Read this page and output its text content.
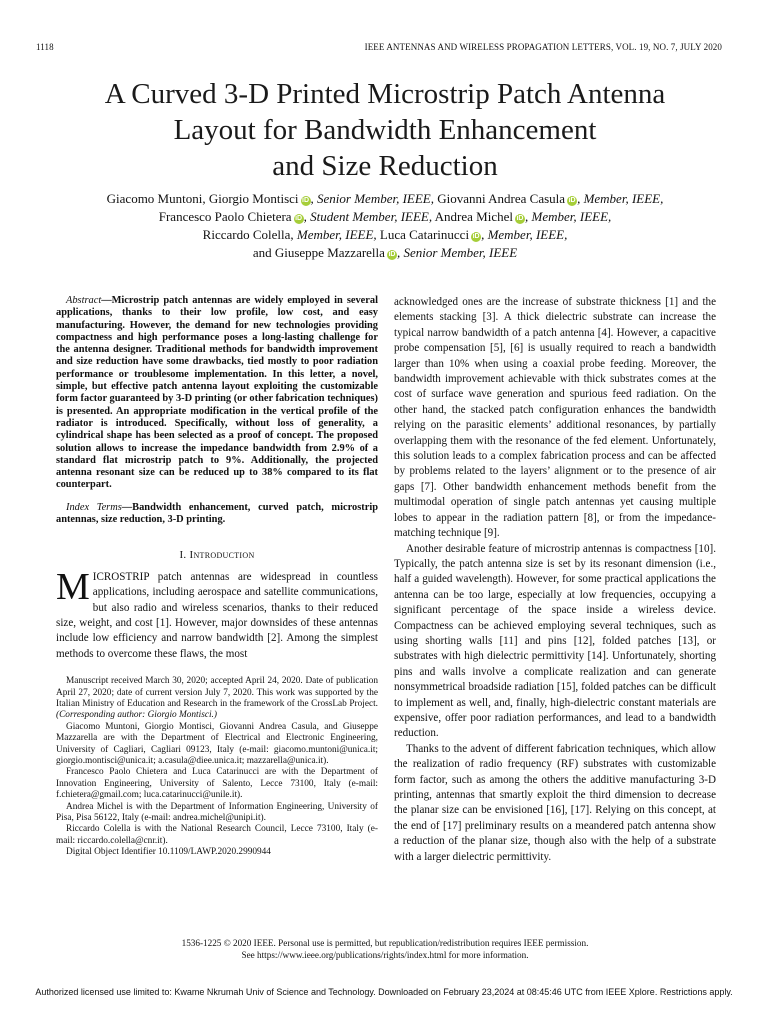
1118	IEEE ANTENNAS AND WIRELESS PROPAGATION LETTERS, VOL. 19, NO. 7, JULY 2020
A Curved 3-D Printed Microstrip Patch Antenna
Layout for Bandwidth Enhancement
and Size Reduction
Giacomo Muntoni, Giorgio Montisci iD , Senior Member, IEEE, Giovanni Andrea Casula iD , Member, IEEE,
Francesco Paolo Chietera iD , Student Member, IEEE, Andrea Michel iD , Member, IEEE,
Riccardo Colella, Member, IEEE, Luca Catarinucci iD , Member, IEEE,
and Giuseppe Mazzarella iD , Senior Member, IEEE

Abstract—Microstrip patch antennas are widely employed in several applications, thanks to their low profile, low cost, and easy manufacturing. However, the demand for new technologies providing compactness and high performance poses a long-lasting challenge for the antenna designer. Traditional methods for bandwidth improvement and size reduction have some drawbacks, tied mostly to poor radiation performance or troublesome implementation. In this letter, a novel, simple, but effective patch antenna layout exploiting the customizable form factor guaranteed by 3-D printing (or other fabrication techniques) is presented. An appropriate modification in the vertical profile of the radiator is introduced. Specifically, without loss of generality, a cylindrical shape has been selected as a proof of concept. The proposed solution allows to increase the impedance bandwidth from 2.9% of a standard flat microstrip patch to 9%. Additionally, the projected antenna resonant size can be reduced up to 38% compared to its flat counterpart.

Index Terms—Bandwidth enhancement, curved patch, microstrip antennas, size reduction, 3-D printing.

I. Introduction

MICROSTRIP patch antennas are widespread in countless applications, including aerospace and satellite communications, but also radio and wireless scenarios, thanks to their reduced size, weight, and cost [1]. However, major downsides of these antennas include low efficiency and narrow bandwidth [2]. Among the simplest methods to overcome these flaws, the most

Manuscript received March 30, 2020; accepted April 24, 2020. Date of publication April 27, 2020; date of current version July 7, 2020. This work was supported by the Italian Ministry of Education and Research in the framework of the CrossLab Project. (Corresponding author: Giorgio Montisci.)

Giacomo Muntoni, Giorgio Montisci, Giovanni Andrea Casula, and Giuseppe Mazzarella are with the Department of Electrical and Electronic Engineering, University of Cagliari, Cagliari 09123, Italy (e-mail: giacomo.muntoni@unica.it; giorgio.montisci@unica.it; a.casula@diee.unica.it; mazzarella@unica.it).

Francesco Paolo Chietera and Luca Catarinucci are with the Department of Innovation Engineering, University of Salento, Lecce 73100, Italy (e-mail: f.chietera@gmail.com; luca.catarinucci@unile.it).

Andrea Michel is with the Department of Information Engineering, University of Pisa, Pisa 56122, Italy (e-mail: andrea.michel@unipi.it).

Riccardo Colella is with the National Research Council, Lecce 73100, Italy (e-mail: riccardo.colella@cnr.it).

Digital Object Identifier 10.1109/LAWP.2020.2990944

acknowledged ones are the increase of substrate thickness [1] and the elements stacking [3]. A thick dielectric substrate can increase the typical narrow bandwidth of a patch antenna [4]. However, a capacitive probe compensation [5], [6] is usually required to reach a bandwidth larger than 10% when using a coaxial probe feeding. Moreover, the bandwidth improvement achievable with thick substrates comes at the cost of surface wave generation and spurious feed radiation. On the other hand, the stacked patch configuration enhances the bandwidth relying on the parasitic elements’ additional resonances, by partially overlapping them with the resonance of the fed element. Unfortunately, this solution leads to a complex fabrication process and can be affected by problems related to the layers’ alignment or to the presence of air gaps [7]. Other bandwidth enhancement methods benefit from the multimodal operation of single patch antennas yet causing multiple lobes to appear in the radiation pattern [8], or from the impedance-matching technique [9].

Another desirable feature of microstrip antennas is compactness [10]. Typically, the patch antenna size is set by its resonant dimension (i.e., half a guided wavelength). However, for some practical applications the antenna can be too large, especially at low frequencies, occupying a significant percentage of the space inside a wireless device. Compactness can be achieved employing several techniques, such as using shorting walls [11] and pins [12], folded patches [13], or substrates with high dielectric permittivity [14]. Unfortunately, shorting pins and walls involve a complicate realization and can generate nonsymmetrical broadside radiation [15], folded patches can be difficult to implement as well, and, finally, high-dielectric constant materials are expensive, offer poor radiation performances, and lead to a bandwidth reduction.

Thanks to the advent of different fabrication techniques, which allow the realization of radio frequency (RF) substrates with customizable form factor, such as among the others the additive manufacturing 3-D printing, antennas that smartly exploit the third dimension to decrease the planar size can be envisioned [16], [17]. Relying on this concept, at the end of [17] preliminary results on a meandered patch antenna show a reduction of the planar size, though also with the help of a substrate with a larger dielectric permittivity.

1536-1225 © 2020 IEEE. Personal use is permitted, but republication/redistribution requires IEEE permission.
See https://www.ieee.org/publications/rights/index.html for more information.
Authorized licensed use limited to: Kwame Nkrumah Univ of Science and Technology. Downloaded on February 23,2024 at 08:45:46 UTC from IEEE Xplore. Restrictions apply.
